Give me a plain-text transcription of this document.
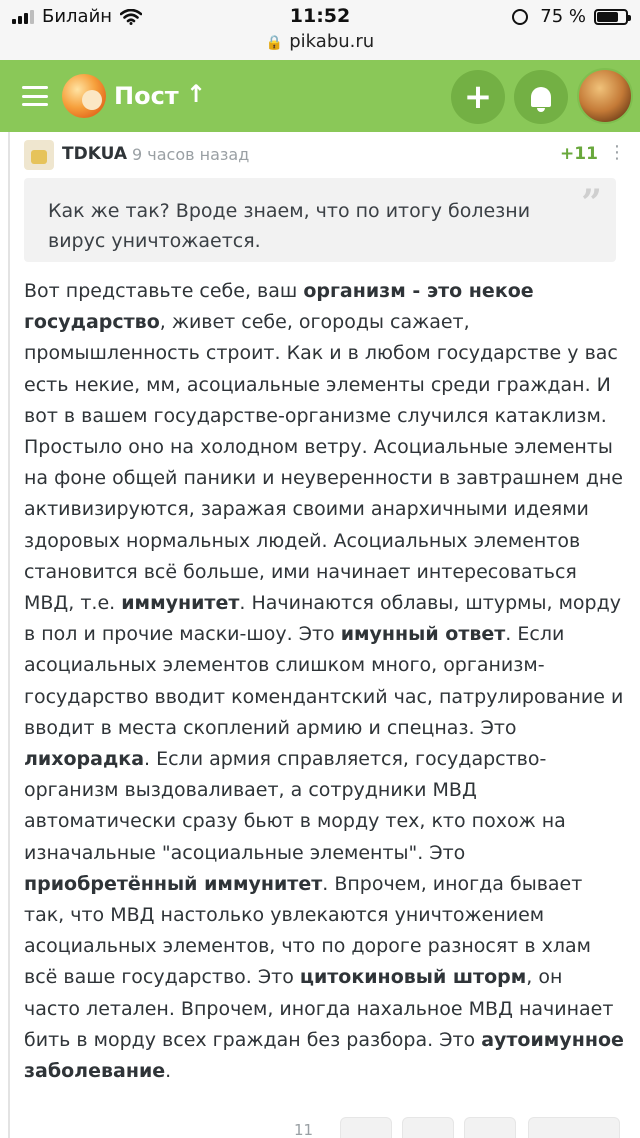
Билайн	11:52
🔒 pikabu.ru
75 %
Пост ↑	+
TDKUA 9 часов назад	+11 ⋮
Как же так? Вроде знаем, что по итогу болезни вирус уничтожается.
”
Вот представьте себе, ваш организм - это некое государство, живет себе, огороды сажает, промышленность строит. Как и в любом государстве у вас есть некие, мм, асоциальные элементы среди граждан. И вот в вашем государстве-организме случился катаклизм. Простыло оно на холодном ветру. Асоциальные элементы на фоне общей паники и неуверенности в завтрашнем дне активизируются, заражая своими анархичными идеями здоровых нормальных людей. Асоциальных элементов становится всё больше, ими начинает интересоваться МВД, т.е. иммунитет. Начинаются облавы, штурмы, морду в пол и прочие маски-шоу. Это имунный ответ. Если асоциальных элементов слишком много, организм-государство вводит комендантский час, патрулирование и вводит в места скоплений армию и спецназ. Это лихорадка. Если армия справляется, государство-организм выздоваливает, а сотрудники МВД автоматически сразу бьют в морду тех, кто похож на изначальные "асоциальные элементы". Это приобретённый иммунитет. Впрочем, иногда бывает так, что МВД настолько увлекаются уничтожением асоциальных элементов, что по дороге разносят в хлам всё ваше государство. Это цитокиновый шторм, он часто летален. Впрочем, иногда нахальное МВД начинает бить в морду всех граждан без разбора. Это аутоимунное заболевание.
11
